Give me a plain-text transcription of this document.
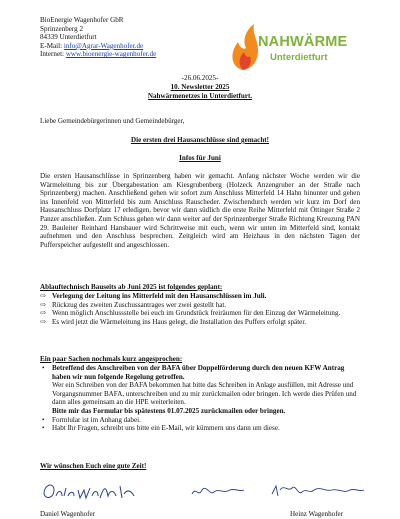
BioEnergie Wagenhofer GbR
Sprinzenberg 2
84339 Unterdietfurt
E-Mail: info@Agrar-Wagenhofer.de
Internet: www.bioenergie-wagenhofer.de
NAHWÄRME
Unterdietfurt
-26.06.2025-
10. Newsletter 2025
Nahwärmenetzes in Unterdietfurt.
Liebe Gemeindebürgerinnen und Gemeindebürger,
Die ersten drei Hausanschlüsse sind gemacht!
Infos für Juni
Die ersten Hausanschlüsse in Sprinzenberg haben wir gemacht. Anfang nächster Woche werden wir die Wärmeleitung bis zur Übergabestation am Kiesgrubenberg (Holzeck Anzengruber an der Straße nach Sprinzenberg) machen. Anschließend gehen wir sofort zum Anschluss Mitterfeld 14 Hahn hinunter und gehen ins Innenfeld von Mitterfeld bis zum Anschluss Rauscheder. Zwischendurch werden wir kurz im Dorf den Hausanschluss Dorfplatz 17 erledigen, bevor wir dann südlich die erste Reihe Mitterfeld mit Öttinger Straße 2 Panzer anschließen. Zum Schluss gehen wir dann weiter auf der Sprinzenberger Straße Richtung Kreuzung PAN 29. Bauleiter Reinhard Hansbauer wird Schrittweise mit euch, wenn wir unten im Mitterfeld sind, kontakt aufnehmen und den Anschluss besprechen. Zeitgleich wird am Heizhaus in den nächsten Tagen der Pufferspeicher aufgestellt und angeschlossen.
Ablauftechnisch Bauseits ab Juni 2025 ist folgendes geplant:
⇨ Verlegung der Leitung ins Mitterfeld mit den Hausanschlüssen im Juli.
⇨ Rückzug des zweiten Zuschussantrages wer zwei gestellt hat.
⇨ Wenn möglich Anschlussstelle bei euch im Grundstück freiräumen für den Einzug der Wärmeleitung.
⇨ Es wird jetzt die Wärmeleitung ins Haus gelegt, die Installation des Puffers erfolgt später.
Ein paar Sachen nochmals kurz angesprochen:
• Betreffend des Anschreiben von der BAFA über Doppelförderung durch den neuen KFW Antrag haben wir nun folgende Regelung getroffen.
Wer ein Schreiben von der BAFA bekommen hat bitte das Schreiben in Anlage ausfüllen, mit Adresse und Vorgangsnummer BAFA, unterschreiben und zu mir zurückmailen oder bringen. Ich werde dies Prüfen und dann alles gemeinsam an die HPE weiterleiten.
Bitte mir das Formular bis spätestens 01.07.2025 zurückmailen oder bringen.
• Formlular ist im Anhang dabei.
• Habt Ihr Fragen, schreibt uns bitte ein E-Mail, wir kümmern uns dann um diese.
Wir wünschen Euch eine gute Zeit!
Daniel Wagenhofer	Heinz Wagenhofer
